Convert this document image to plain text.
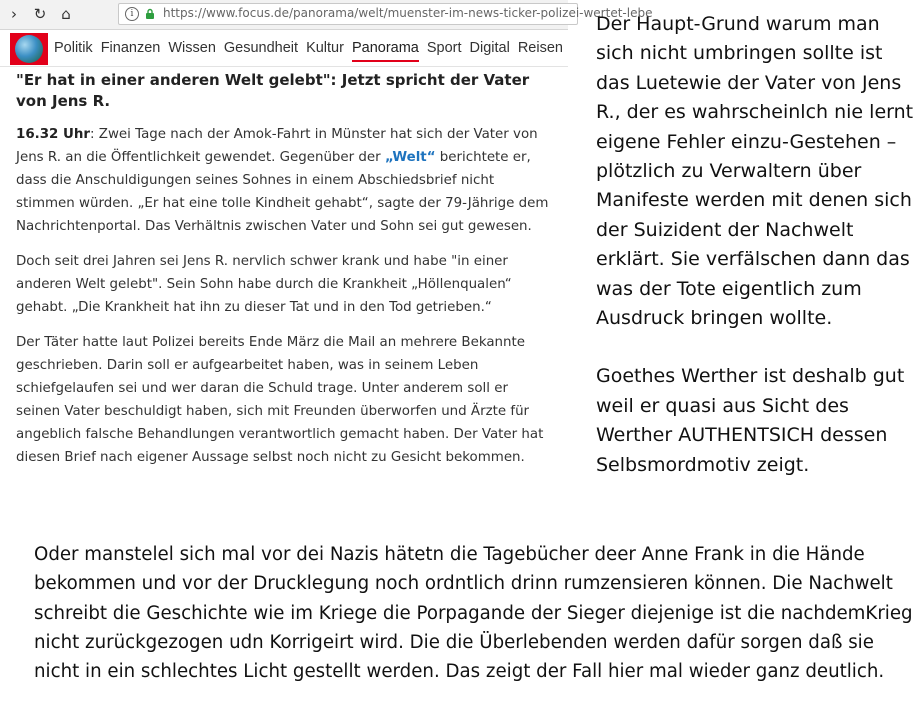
›	↻ ⌂	i	https://www.focus.de/panorama/welt/muenster-im-news-ticker-polizei-wertet-lebe
Politik Finanzen Wissen Gesundheit Kultur Panorama Sport Digital Reisen
"Er hat in einer anderen Welt gelebt": Jetzt spricht der Vater von Jens R.

16.32 Uhr: Zwei Tage nach der Amok-Fahrt in Münster hat sich der Vater von Jens R. an die Öffentlichkeit gewendet. Gegenüber der „Welt“ berichtete er, dass die Anschuldigungen seines Sohnes in einem Abschiedsbrief nicht stimmen würden. „Er hat eine tolle Kindheit gehabt“, sagte der 79-Jährige dem Nachrichtenportal. Das Verhältnis zwischen Vater und Sohn sei gut gewesen.

Doch seit drei Jahren sei Jens R. nervlich schwer krank und habe "in einer anderen Welt gelebt". Sein Sohn habe durch die Krankheit „Höllenqualen“ gehabt. „Die Krankheit hat ihn zu dieser Tat und in den Tod getrieben.“

Der Täter hatte laut Polizei bereits Ende März die Mail an mehrere Bekannte geschrieben. Darin soll er aufgearbeitet haben, was in seinem Leben schiefgelaufen sei und wer daran die Schuld trage. Unter anderem soll er seinen Vater beschuldigt haben, sich mit Freunden überworfen und Ärzte für angeblich falsche Behandlungen verantwortlich gemacht haben. Der Vater hat diesen Brief nach eigener Aussage selbst noch nicht zu Gesicht bekommen.

Der Haupt-Grund warum man sich nicht umbringen sollte ist das Luetewie der Vater von Jens R., der es wahrscheinlch nie lernt eigene Fehler einzu-Gestehen – plötzlich zu Verwaltern über Manifeste werden mit denen sich der Suizident der Nachwelt erklärt. Sie verfälschen dann das was der Tote eigentlich zum Ausdruck bringen wollte.

Goethes Werther ist deshalb gut weil er quasi aus Sicht des Werther AUTHENTSICH dessen Selbsmordmotiv zeigt.

Oder manstelel sich mal vor dei Nazis hätetn die Tagebücher deer Anne Frank in die Hände bekommen und vor der Drucklegung noch ordntlich drinn rumzensieren können. Die Nachwelt schreibt die Geschichte wie im Kriege die Porpagande der Sieger diejenige ist die nachdemKrieg nicht zurückgezogen udn Korrigeirt wird. Die die Überlebenden werden dafür sorgen daß sie nicht in ein schlechtes Licht gestellt werden. Das zeigt der Fall hier mal wieder ganz deutlich.
